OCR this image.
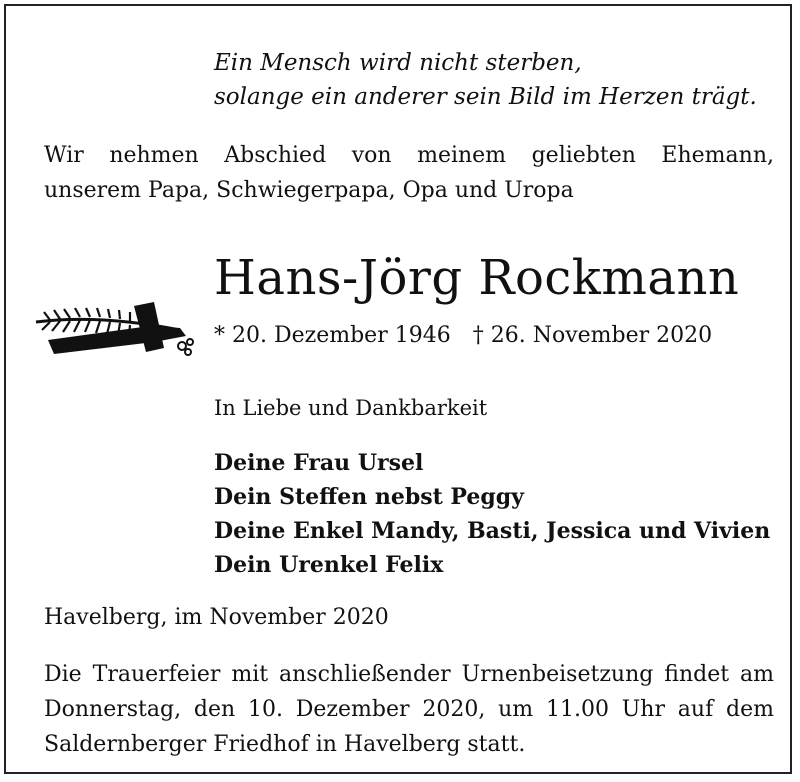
Ein Mensch wird nicht sterben,

solange ein anderer sein Bild im Herzen trägt.

Wir nehmen Abschied von meinem geliebten Ehemann,

unserem Papa, Schwiegerpapa, Opa und Uropa

Hans-Jörg Rockmann

* 20. Dezember 1946 † 26. November 2020

In Liebe und Dankbarkeit

Deine Frau Ursel

Dein Steffen nebst Peggy

Deine Enkel Mandy, Basti, Jessica und Vivien

Dein Urenkel Felix

Havelberg, im November 2020

Die Trauerfeier mit anschließender Urnenbeisetzung findet am

Donnerstag, den 10. Dezember 2020, um 11.00 Uhr auf dem

Saldernberger Friedhof in Havelberg statt.
